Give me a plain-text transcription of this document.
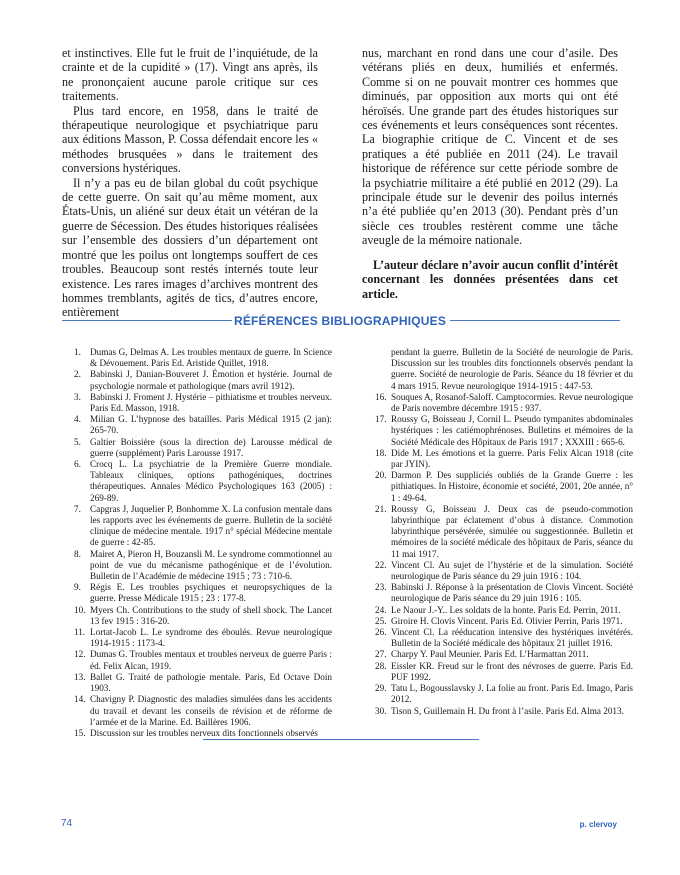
et instinctives. Elle fut le fruit de l’inquiétude, de la crainte et de la cupidité » (17). Vingt ans après, ils ne prononçaient aucune parole critique sur ces traitements.

Plus tard encore, en 1958, dans le traité de thérapeutique neurologique et psychiatrique paru aux éditions Masson, P. Cossa défendait encore les « méthodes brusquées » dans le traitement des conversions hystériques.

Il n’y a pas eu de bilan global du coût psychique de cette guerre. On sait qu’au même moment, aux États-Unis, un aliéné sur deux était un vétéran de la guerre de Sécession. Des études historiques réalisées sur l’ensemble des dossiers d’un département ont montré que les poilus ont longtemps souffert de ces troubles. Beaucoup sont restés internés toute leur existence. Les rares images d’archives montrent des hommes tremblants, agités de tics, d’autres encore, entièrement

nus, marchant en rond dans une cour d’asile. Des vétérans pliés en deux, humiliés et enfermés. Comme si on ne pouvait montrer ces hommes que diminués, par opposition aux morts qui ont été héroïsés. Une grande part des études historiques sur ces événements et leurs conséquences sont récentes. La biographie critique de C. Vincent et de ses pratiques a été publiée en 2011 (24). Le travail historique de référence sur cette période sombre de la psychiatrie militaire a été publié en 2012 (29). La principale étude sur le devenir des poilus internés n’a été publiée qu’en 2013 (30). Pendant près d’un siècle ces troubles restèrent comme une tâche aveugle de la mémoire nationale.

L’auteur déclare n’avoir aucun conflit d’intérêt concernant les données présentées dans cet article.

RÉFÉRENCES BIBLIOGRAPHIQUES
1. Dumas G, Delmas A. Les troubles mentaux de guerre. In Science & Dévouement. Paris Ed. Aristide Quillet, 1918.
2. Babinski J, Danian-Bouveret J. Émotion et hystérie. Journal de psychologie normale et pathologique (mars avril 1912).
3. Babinski J. Froment J. Hystérie – pithiatisme et troubles nerveux. Paris Ed. Masson, 1918.
4. Milian G. L’hypnose des batailles. Paris Médical 1915 (2 jan): 265-70.
5. Galtier Boissière (sous la direction de) Larousse médical de guerre (supplément) Paris Larousse 1917.
6. Crocq L. La psychiatrie de la Première Guerre mondiale. Tableaux cliniques, options pathogéniques, doctrines thérapeutiques. Annales Médico Psychologiques 163 (2005) : 269-89.
7. Capgras J, Juquelier P, Bonhomme X. La confusion mentale dans les rapports avec les événements de guerre. Bulletin de la société clinique de médecine mentale. 1917 n° spécial Médecine mentale de guerre : 42-85.
8. Mairet A, Pieron H, Bouzansli M. Le syndrome commotionnel au point de vue du mécanisme pathogénique et de l’évolution. Bulletin de l’Académie de médecine 1915 ; 73 : 710-6.
9. Régis E. Les troubles psychiques et neuropsychiques de la guerre. Presse Médicale 1915 ; 23 : 177-8.
10. Myers Ch. Contributions to the study of shell shock. The Lancet 13 fev 1915 : 316-20.
11. Lortat-Jacob L. Le syndrome des éboulés. Revue neurologique 1914-1915 : 1173-4.
12. Dumas G. Troubles mentaux et troubles nerveux de guerre Paris : éd. Felix Alcan, 1919.
13. Ballet G. Traité de pathologie mentale. Paris, Ed Octave Doin 1903.
14. Chavigny P. Diagnostic des maladies simulées dans les accidents du travail et devant les conseils de révision et de réforme de l’armée et de la Marine. Ed. Baillères 1906.
15. Discussion sur les troubles nerveux dits fonctionnels observés
pendant la guerre. Bulletin de la Société de neurologie de Paris. Discussion sur les troubles dits fonctionnels observés pendant la guerre. Société de neurologie de Paris. Séance du 18 février et du 4 mars 1915. Revue neurologique 1914-1915 : 447-53.
16. Souques A, Rosanof-Saloff. Camptocormies. Revue neurologique de Paris novembre décembre 1915 : 937.
17. Roussy G, Boisseau J, Cornil L. Pseudo tympanites abdominales hystériques : les catiémophrénoses. Bulletins et mémoires de la Société Médicale des Hôpitaux de Paris 1917 ; XXXIII : 665-6.
18. Dide M. Les émotions et la guerre. Paris Felix Alcan 1918 (cite par JYIN).
20. Darmon P. Des suppliciés oubliés de la Grande Guerre : les pithiatiques. In Histoire, économie et société, 2001, 20e année, n° 1 : 49-64.
21. Roussy G, Boisseau J. Deux cas de pseudo-commotion labyrinthique par éclatement d’obus à distance. Commotion labyrinthique persévérée, simulée ou suggestionnée. Bulletin et mémoires de la société médicale des hôpitaux de Paris, séance du 11 mai 1917.
22. Vincent Cl. Au sujet de l’hystérie et de la simulation. Société neurologique de Paris séance du 29 juin 1916 : 104.
23. Babinski J. Réponse à la présentation de Clovis Vincent. Société neurologique de Paris séance du 29 juin 1916 : 105.
24. Le Naour J.-Y.. Les soldats de la honte. Paris Ed. Perrin, 2011.
25. Giroire H. Clovis Vincent. Paris Ed. Olivier Perrin, Paris 1971.
26. Vincent Cl. La rééducation intensive des hystériques invétérés. Bulletin de la Société médicale des hôpitaux 21 juillet 1916.
27. Charpy Y. Paul Meunier. Paris Ed. L’Harmattan 2011.
28. Eissler KR. Freud sur le front des névroses de guerre. Paris Ed. PUF 1992.
29. Tatu L, Bogousslavsky J. La folie au front. Paris Ed. Imago, Paris 2012.
30. Tison S, Guillemain H. Du front à l’asile. Paris Ed. Alma 2013.
74	p. clervoy
